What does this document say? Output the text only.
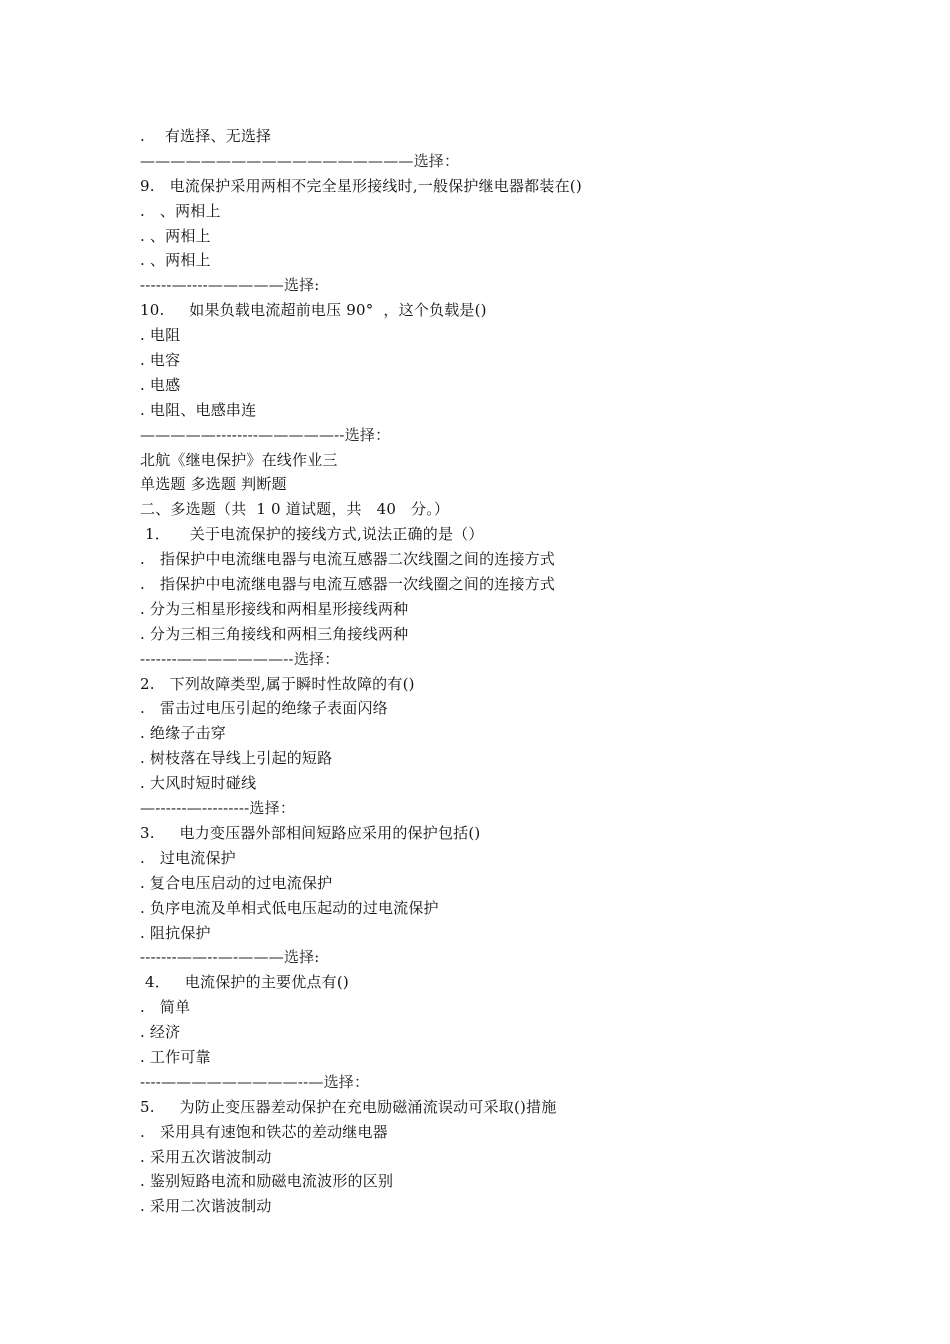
.    有选择、无选择
——————————————————选择：
9.   电流保护采用两相不完全星形接线时,一般保护继电器都装在()
.   、两相上
. 、两相上
. 、两相上
------—----—————选择:
10.     如果负载电流超前电压 90°  ，这个负载是()
. 电阻
. 电容
. 电感
. 电阻、电感串连
—————--------—————--选择：
北航《继电保护》在线作业三
单选题 多选题 判断题
二、多选题（共  1 0 道试题，共   40   分。）
1．    关于电流保护的接线方式,说法正确的是（）
.   指保护中电流继电器与电流互感器二次线圈之间的连接方式
.   指保护中电流继电器与电流互感器一次线圈之间的连接方式
. 分为三相星形接线和两相星形接线两种
. 分为三相三角接线和两相三角接线两种
-------———————--选择：
2.   下列故障类型,属于瞬时性故障的有()
.   雷击过电压引起的绝缘子表面闪络
. 绝缘子击穿
. 树枝落在导线上引起的短路
. 大风时短时碰线
—------—---------选择：
3.     电力变压器外部相间短路应采用的保护包括()
.   过电流保护
. 复合电压启动的过电流保护
. 负序电流及单相式低电压起动的过电流保护
. 阻抗保护
-------——--—-———选择:
4．   电流保护的主要优点有()
.   简单
. 经济
. 工作可靠
----—————————--—选择：
5.     为防止变压器差动保护在充电励磁涌流误动可采取()措施
.   采用具有速饱和铁芯的差动继电器
. 采用五次谐波制动
. 鉴别短路电流和励磁电流波形的区别
. 采用二次谐波制动
